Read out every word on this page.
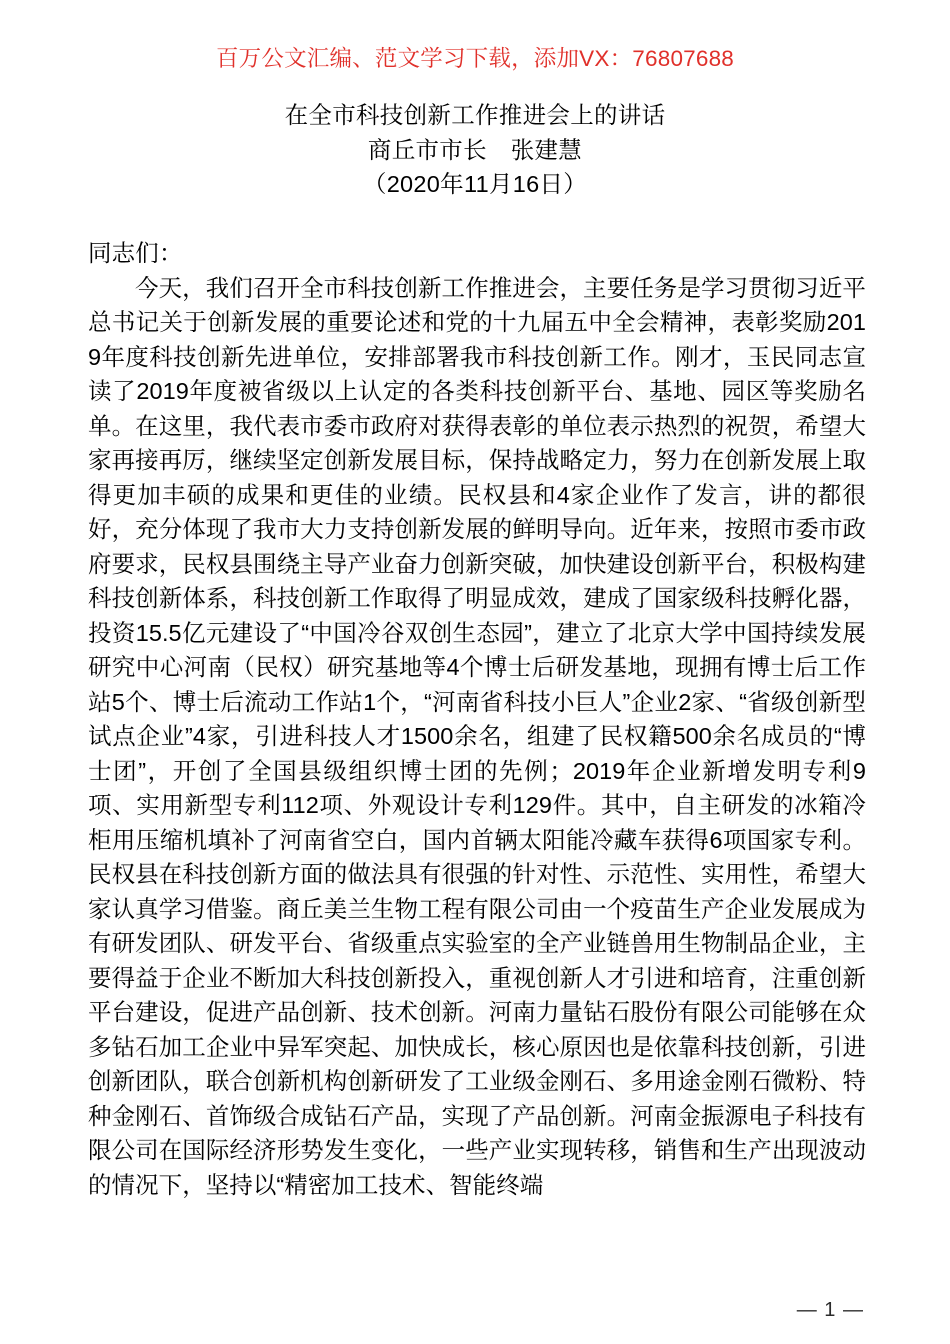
百万公文汇编、范文学习下载，添加VX：76807688
在全市科技创新工作推进会上的讲话
商丘市市长　张建慧
（2020年11月16日）

同志们：

今天，我们召开全市科技创新工作推进会，主要任务是学习贯彻习近平总书记关于创新发展的重要论述和党的十九届五中全会精神，表彰奖励2019年度科技创新先进单位，安排部署我市科技创新工作。刚才，玉民同志宣读了2019年度被省级以上认定的各类科技创新平台、基地、园区等奖励名单。在这里，我代表市委市政府对获得表彰的单位表示热烈的祝贺，希望大家再接再厉，继续坚定创新发展目标，保持战略定力，努力在创新发展上取得更加丰硕的成果和更佳的业绩。民权县和4家企业作了发言，讲的都很好，充分体现了我市大力支持创新发展的鲜明导向。近年来，按照市委市政府要求，民权县围绕主导产业奋力创新突破，加快建设创新平台，积极构建科技创新体系，科技创新工作取得了明显成效，建成了国家级科技孵化器，投资15.5亿元建设了“中国冷谷双创生态园”，建立了北京大学中国持续发展研究中心河南（民权）研究基地等4个博士后研发基地，现拥有博士后工作站5个、博士后流动工作站1个，“河南省科技小巨人”企业2家、“省级创新型试点企业”4家，引进科技人才1500余名，组建了民权籍500余名成员的“博士团”，开创了全国县级组织博士团的先例；2019年企业新增发明专利9项、实用新型专利112项、外观设计专利129件。其中，自主研发的冰箱冷柜用压缩机填补了河南省空白，国内首辆太阳能冷藏车获得6项国家专利。民权县在科技创新方面的做法具有很强的针对性、示范性、实用性，希望大家认真学习借鉴。商丘美兰生物工程有限公司由一个疫苗生产企业发展成为有研发团队、研发平台、省级重点实验室的全产业链兽用生物制品企业，主要得益于企业不断加大科技创新投入，重视创新人才引进和培育，注重创新平台建设，促进产品创新、技术创新。河南力量钻石股份有限公司能够在众多钻石加工企业中异军突起、加快成长，核心原因也是依靠科技创新，引进创新团队，联合创新机构创新研发了工业级金刚石、多用途金刚石微粉、特种金刚石、首饰级合成钻石产品，实现了产品创新。河南金振源电子科技有限公司在国际经济形势发生变化，一些产业实现转移，销售和生产出现波动的情况下，坚持以“精密加工技术、智能终端

— 1 —
